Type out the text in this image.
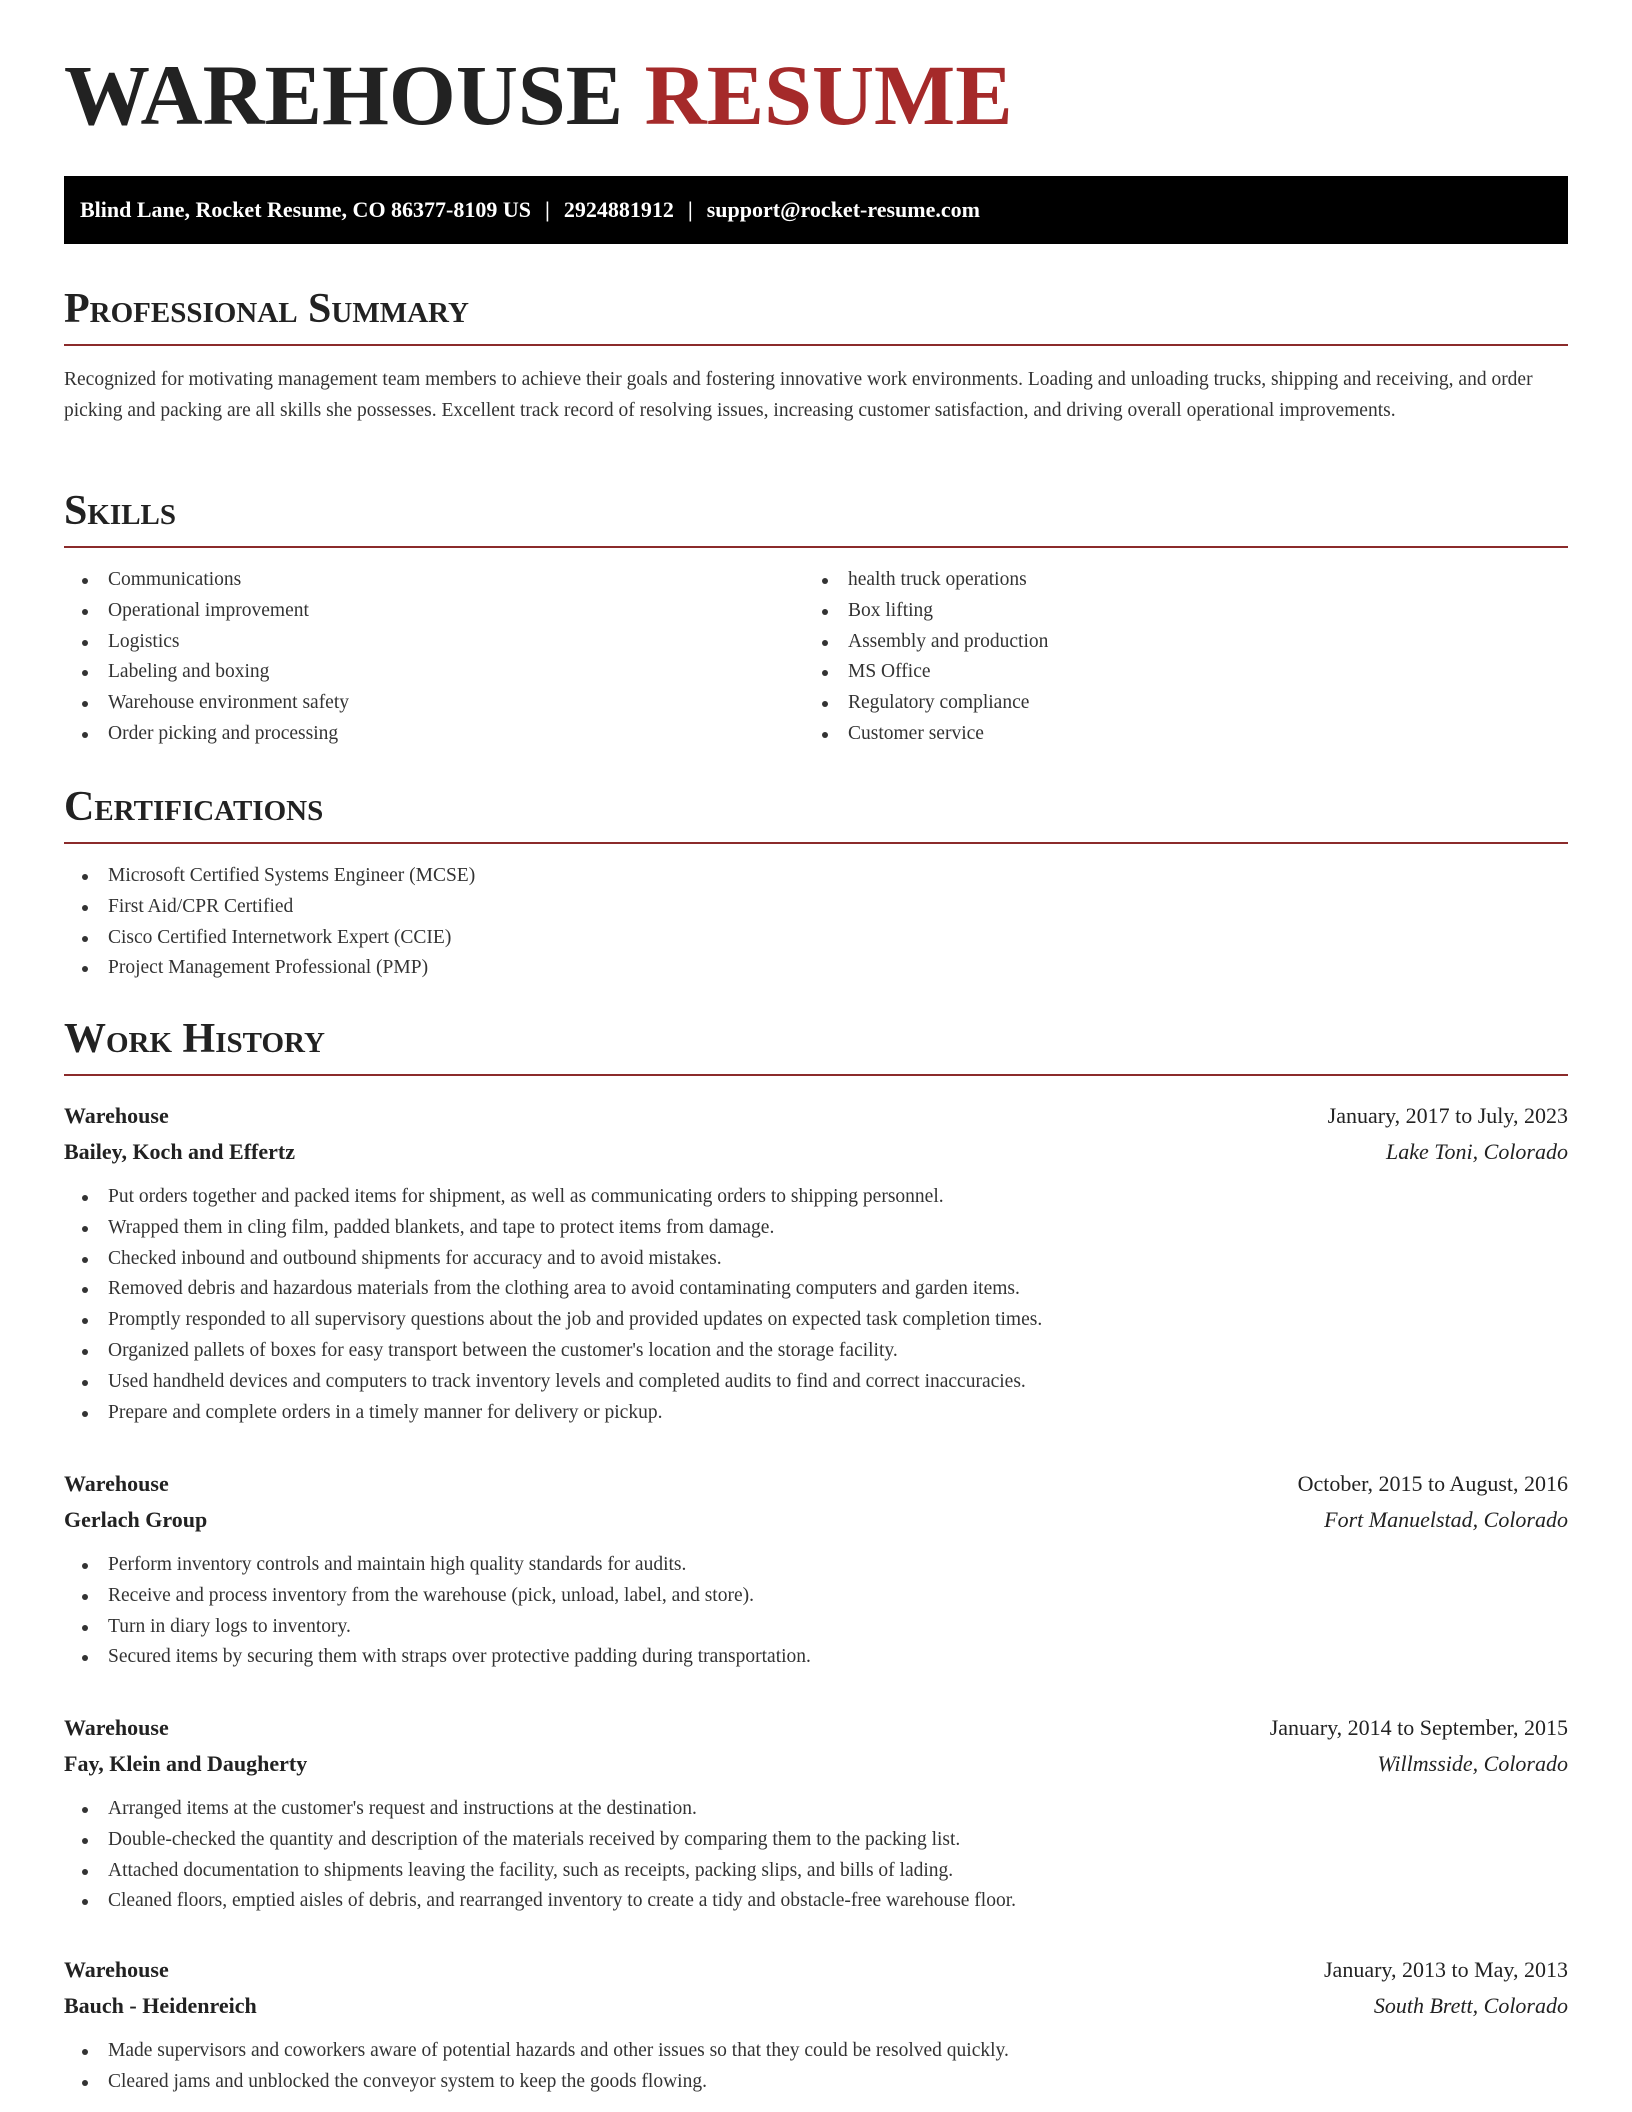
WAREHOUSE RESUME
Blind Lane, Rocket Resume, CO 86377-8109 US | 2924881912 | support@rocket-resume.com
Professional Summary

Recognized for motivating management team members to achieve their goals and fostering innovative work environments. Loading and unloading trucks, shipping and receiving, and order picking and packing are all skills she possesses. Excellent track record of resolving issues, increasing customer satisfaction, and driving overall operational improvements.

Skills
Communications
Operational improvement
Logistics
Labeling and boxing
Warehouse environment safety
Order picking and processing
health truck operations
Box lifting
Assembly and production
MS Office
Regulatory compliance
Customer service
Certifications
Microsoft Certified Systems Engineer (MCSE)
First Aid/CPR Certified
Cisco Certified Internetwork Expert (CCIE)
Project Management Professional (PMP)
Work History
Warehouse	January, 2017 to July, 2023
Bailey, Koch and Effertz	Lake Toni, Colorado
Put orders together and packed items for shipment, as well as communicating orders to shipping personnel.
Wrapped them in cling film, padded blankets, and tape to protect items from damage.
Checked inbound and outbound shipments for accuracy and to avoid mistakes.
Removed debris and hazardous materials from the clothing area to avoid contaminating computers and garden items.
Promptly responded to all supervisory questions about the job and provided updates on expected task completion times.
Organized pallets of boxes for easy transport between the customer's location and the storage facility.
Used handheld devices and computers to track inventory levels and completed audits to find and correct inaccuracies.
Prepare and complete orders in a timely manner for delivery or pickup.
Warehouse	October, 2015 to August, 2016
Gerlach Group	Fort Manuelstad, Colorado
Perform inventory controls and maintain high quality standards for audits.
Receive and process inventory from the warehouse (pick, unload, label, and store).
Turn in diary logs to inventory.
Secured items by securing them with straps over protective padding during transportation.
Warehouse	January, 2014 to September, 2015
Fay, Klein and Daugherty	Willmsside, Colorado
Arranged items at the customer's request and instructions at the destination.
Double-checked the quantity and description of the materials received by comparing them to the packing list.
Attached documentation to shipments leaving the facility, such as receipts, packing slips, and bills of lading.
Cleaned floors, emptied aisles of debris, and rearranged inventory to create a tidy and obstacle-free warehouse floor.
Warehouse	January, 2013 to May, 2013
Bauch - Heidenreich	South Brett, Colorado
Made supervisors and coworkers aware of potential hazards and other issues so that they could be resolved quickly.
Cleared jams and unblocked the conveyor system to keep the goods flowing.
